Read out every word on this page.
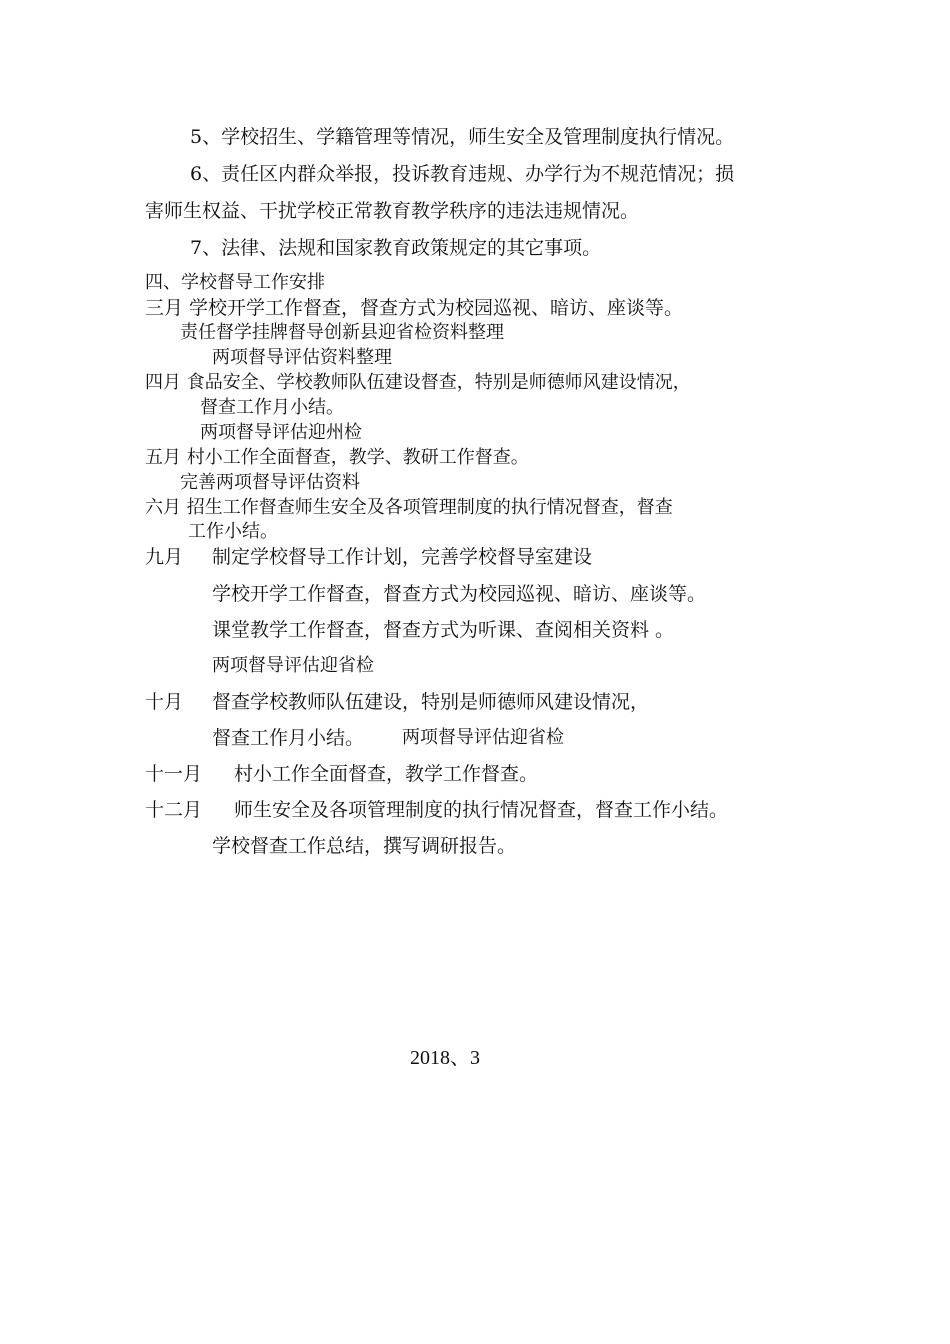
5、学校招生、学籍管理等情况，师生安全及管理制度执行情况。
6、责任区内群众举报，投诉教育违规、办学行为不规范情况；损
害师生权益、干扰学校正常教育教学秩序的违法违规情况。
7、法律、法规和国家教育政策规定的其它事项。
四、学校督导工作安排
三月 学校开学工作督查，督查方式为校园巡视、暗访、座谈等。
责任督学挂牌督导创新县迎省检资料整理
两项督导评估资料整理
四月 食品安全、学校教师队伍建设督查，特别是师德师风建设情况，
督查工作月小结。
两项督导评估迎州检
五月 村小工作全面督查，教学、教研工作督查。
完善两项督导评估资料
六月 招生工作督查师生安全及各项管理制度的执行情况督查，督查
工作小结。
九月 制定学校督导工作计划，完善学校督导室建设
学校开学工作督查，督查方式为校园巡视、暗访、座谈等。
课堂教学工作督查，督查方式为听课、查阅相关资料 。
两项督导评估迎省检
十月 督查学校教师队伍建设，特别是师德师风建设情况，
督查工作月小结。 两项督导评估迎省检
十一月 村小工作全面督查，教学工作督查。
十二月 师生安全及各项管理制度的执行情况督查，督查工作小结。
学校督查工作总结，撰写调研报告。
2018、3
